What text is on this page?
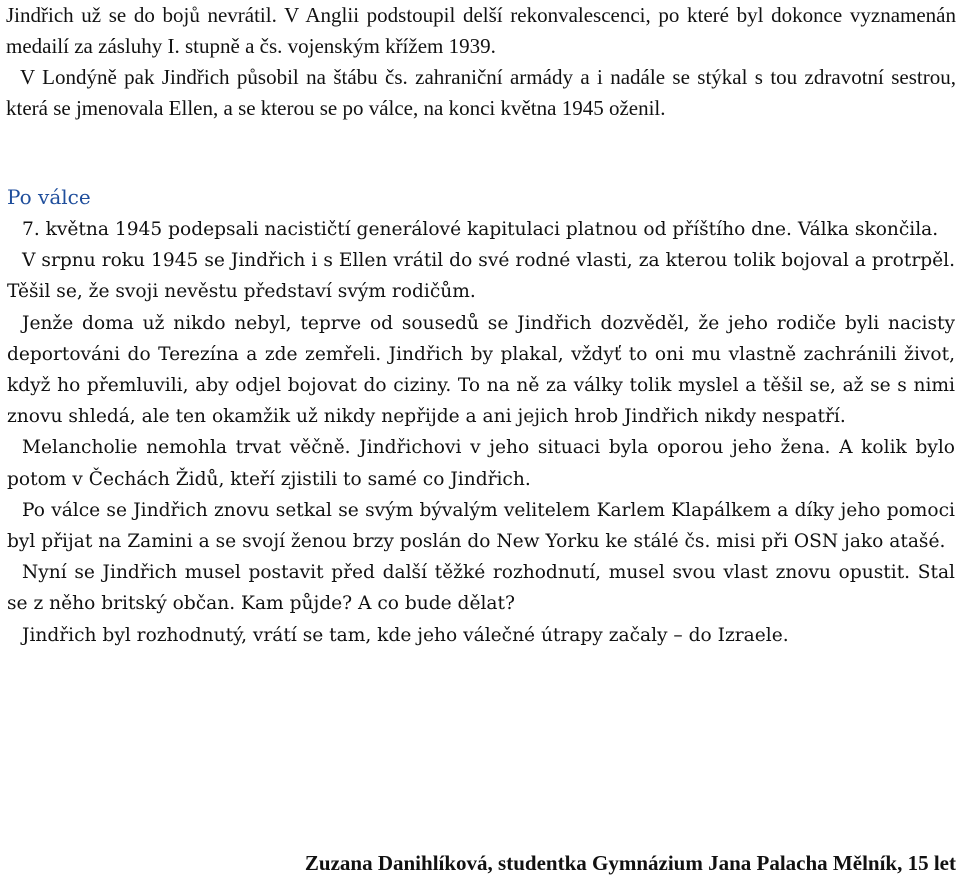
Jindřich už se do bojů nevrátil. V Anglii podstoupil delší rekonvalescenci, po které byl dokonce vyznamenán medailí za zásluhy I. stupně a čs. vojenským křížem 1939.

V Londýně pak Jindřich působil na štábu čs. zahraniční armády a i nadále se stýkal s tou zdravotní sestrou, která se jmenovala Ellen, a se kterou se po válce, na konci května 1945 oženil.

Po válce

7. května 1945 podepsali nacističtí generálové kapitulaci platnou od příštího dne. Válka skončila.

V srpnu roku 1945 se Jindřich i s Ellen vrátil do své rodné vlasti, za kterou tolik bojoval a protrpěl. Těšil se, že svoji nevěstu představí svým rodičům.

Jenže doma už nikdo nebyl, teprve od sousedů se Jindřich dozvěděl, že jeho rodiče byli nacisty deportováni do Terezína a zde zemřeli. Jindřich by plakal, vždyť to oni mu vlastně zachránili život, když ho přemluvili, aby odjel bojovat do ciziny. To na ně za války tolik myslel a těšil se, až se s nimi znovu shledá, ale ten okamžik už nikdy nepřijde a ani jejich hrob Jindřich nikdy nespatří.

Melancholie nemohla trvat věčně. Jindřichovi v jeho situaci byla oporou jeho žena. A kolik bylo potom v Čechách Židů, kteří zjistili to samé co Jindřich.

Po válce se Jindřich znovu setkal se svým bývalým velitelem Karlem Klapálkem a díky jeho pomoci byl přijat na Zamini a se svojí ženou brzy poslán do New Yorku ke stálé čs. misi při OSN jako atašé.

Nyní se Jindřich musel postavit před další těžké rozhodnutí, musel svou vlast znovu opustit. Stal se z něho britský občan. Kam půjde? A co bude dělat?

Jindřich byl rozhodnutý, vrátí se tam, kde jeho válečné útrapy začaly – do Izraele.

Zuzana Danihlíková, studentka Gymnázium Jana Palacha Mělník, 15 let
